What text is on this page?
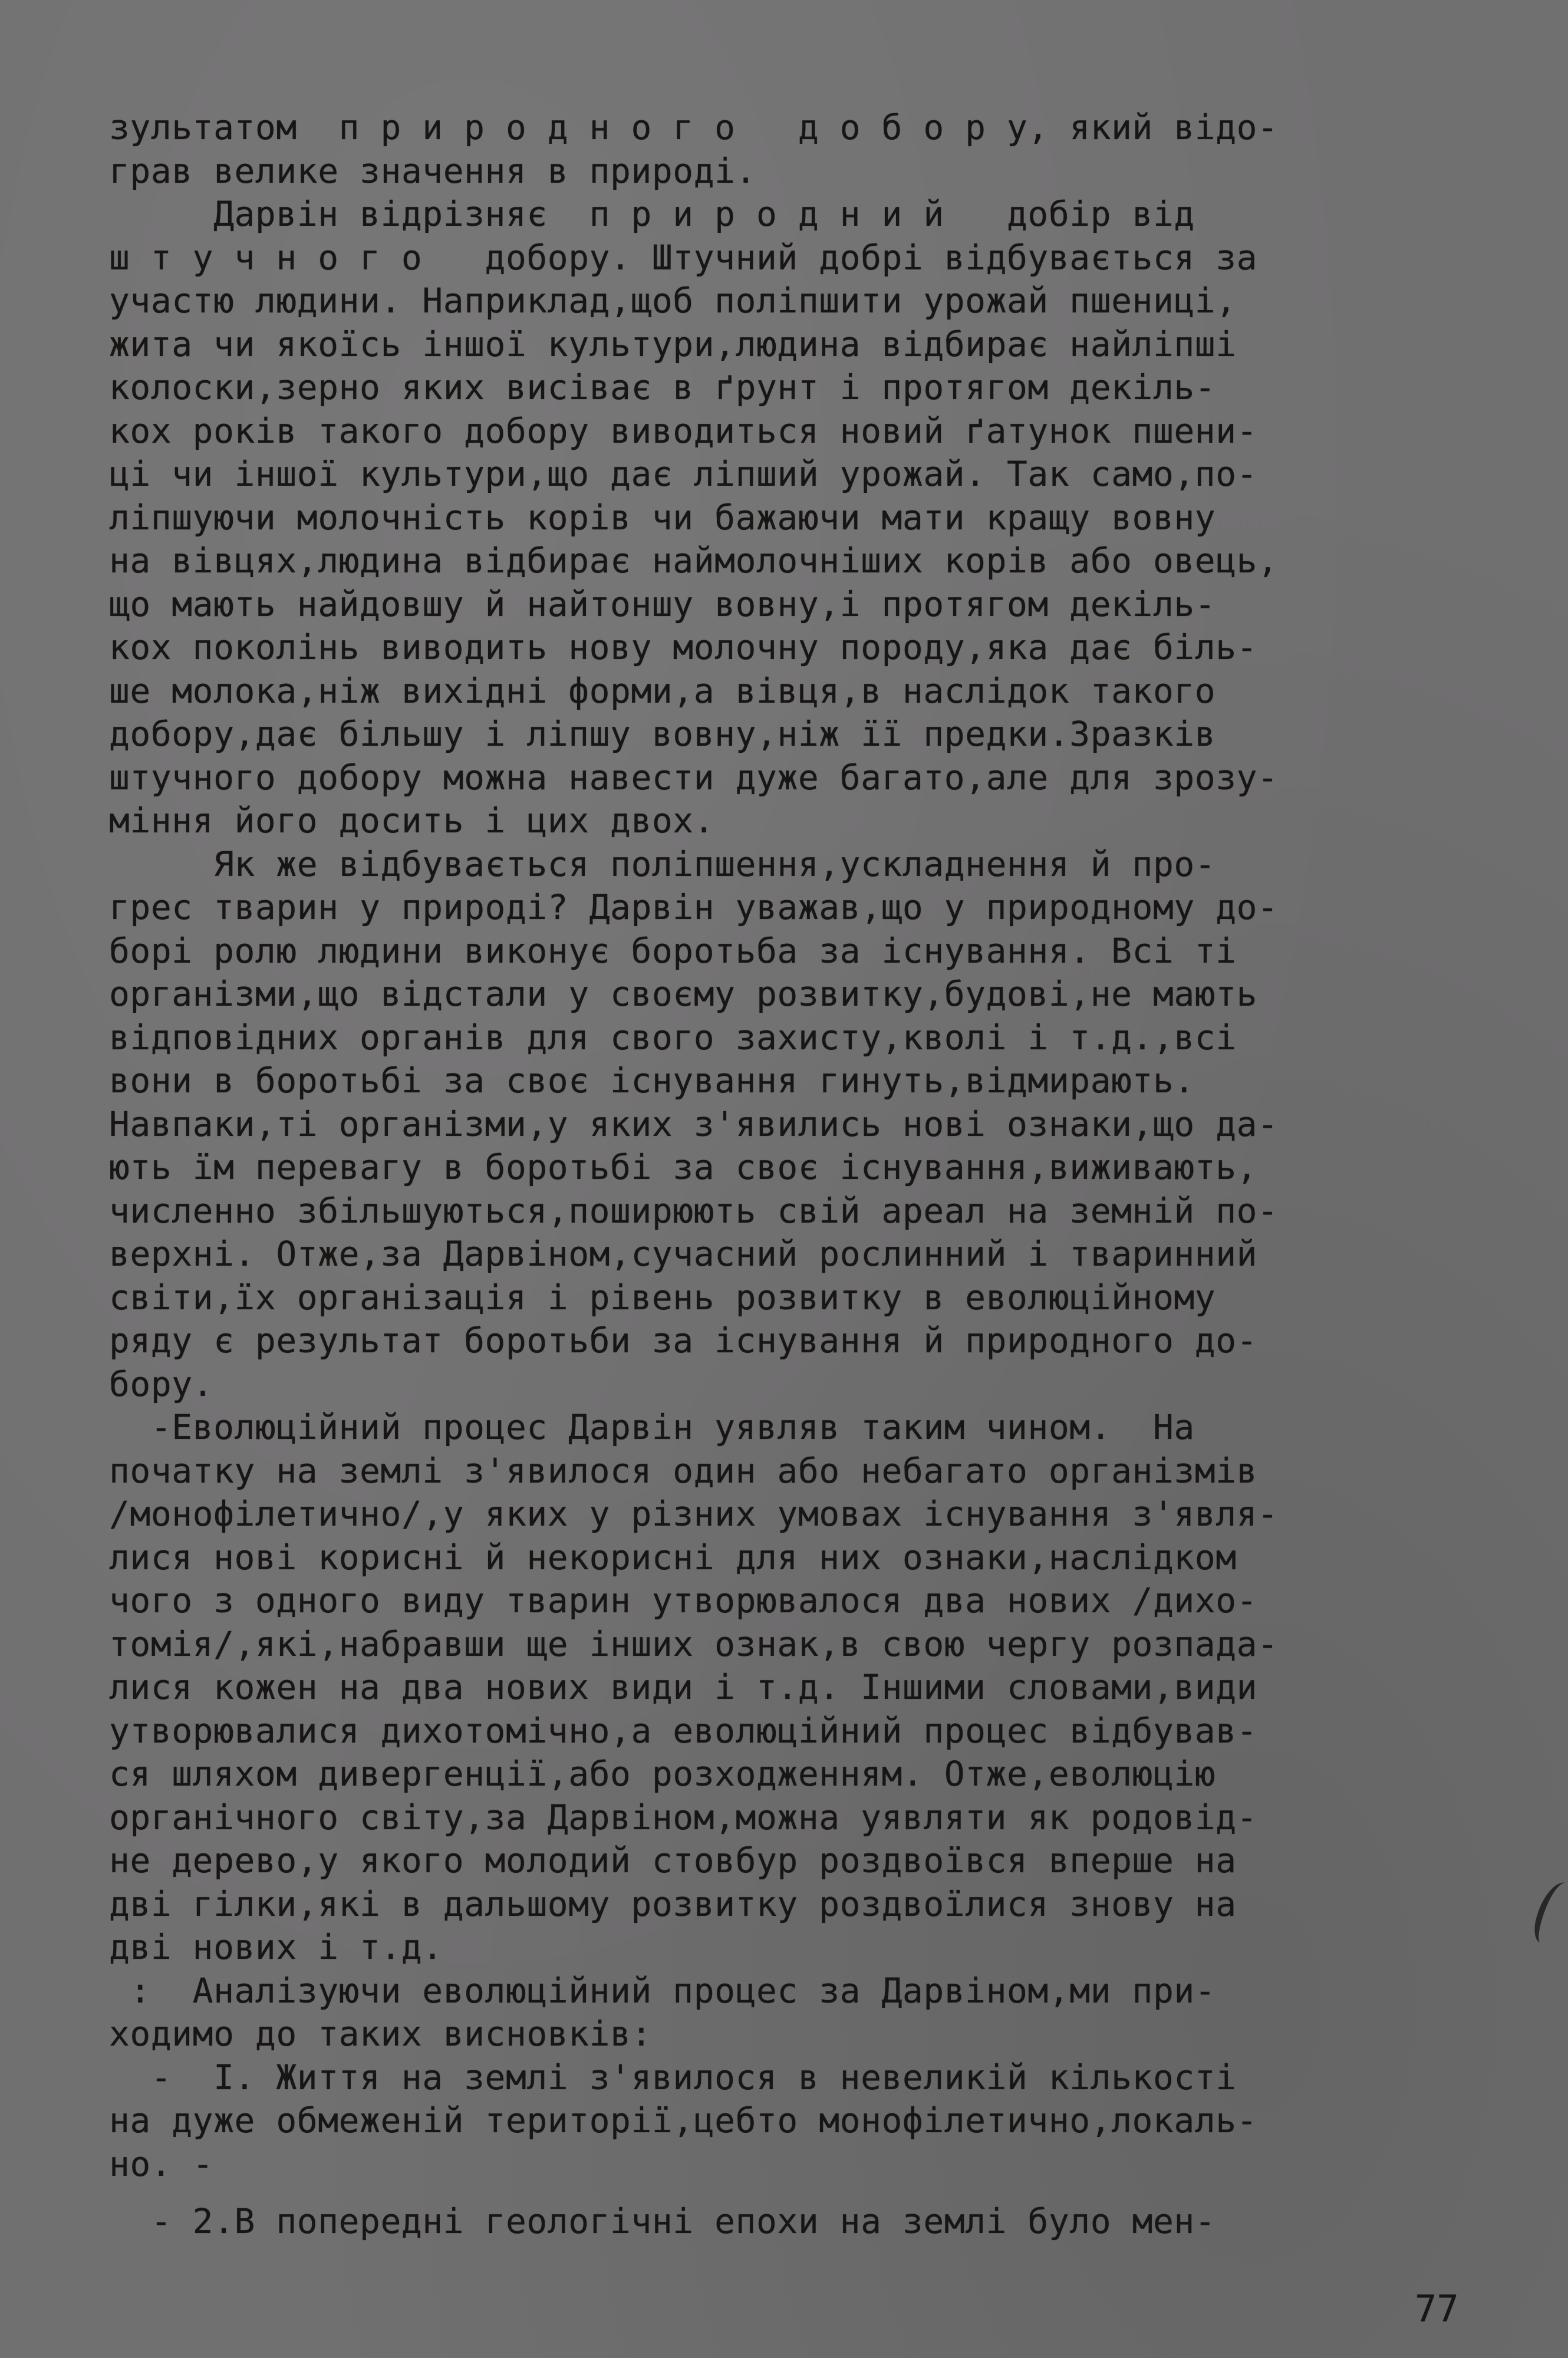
зультатом  п р и р о д н о г о   д о б о р у, який відо-
грав велике значення в природі.
Дарвін відрізняє  п р и р о д н и й   добір від
ш т у ч н о г о   добору. Штучний добрі відбувається за
участю людини. Наприклад,щоб поліпшити урожай пшениці,
жита чи якоїсь іншої культури,людина відбирає найліпші
колоски,зерно яких висіває в ґрунт і протягом декіль-
кох років такого добору виводиться новий ґатунок пшени-
ці чи іншої культури,що дає ліпший урожай. Так само,по-
ліпшуючи молочність корів чи бажаючи мати кращу вовну
на вівцях,людина відбирає наймолочніших корів або овець,
що мають найдовшу й найтоншу вовну,і протягом декіль-
кох поколінь виводить нову молочну породу,яка дає біль-
ше молока,ніж вихідні форми,а вівця,в наслідок такого
добору,дає більшу і ліпшу вовну,ніж її предки.Зразків
штучного добору можна навести дуже багато,але для зрозу-
міння його досить і цих двох.
Як же відбувається поліпшення,ускладнення й про-
грес тварин у природі? Дарвін уважав,що у природному до-
борі ролю людини виконує боротьба за існування. Всі ті
організми,що відстали у своєму розвитку,будові,не мають
відповідних органів для свого захисту,кволі і т.д.,всі
вони в боротьбі за своє існування гинуть,відмирають.
Навпаки,ті організми,у яких з'явились нові ознаки,що да-
ють їм перевагу в боротьбі за своє існування,виживають,
численно збільшуються,поширюють свій ареал на земній по-
верхні. Отже,за Дарвіном,сучасний рослинний і тваринний
світи,їх організація і рівень розвитку в еволюційному
ряду є результат боротьби за існування й природного до-
бору.
-Еволюційний процес Дарвін уявляв таким чином.  На
початку на землі з'явилося один або небагато організмів
/монофілетично/,у яких у різних умовах існування з'явля-
лися нові корисні й некорисні для них ознаки,наслідком
чого з одного виду тварин утворювалося два нових /дихо-
томія/,які,набравши ще інших ознак,в свою чергу розпада-
лися кожен на два нових види і т.д. Іншими словами,види
утворювалися дихотомічно,а еволюційний процес відбував-
ся шляхом дивергенції,або розходженням. Отже,еволюцію
органічного світу,за Дарвіном,можна уявляти як родовід-
не дерево,у якого молодий стовбур роздвоївся вперше на
дві гілки,які в дальшому розвитку роздвоїлися знову на
дві нових і т.д.
:  Аналізуючи еволюційний процес за Дарвіном,ми при-
ходимо до таких висновків:
-  І. Життя на землі з'явилося в невеликій кількості
на дуже обмеженій території,цебто монофілетично,локаль-
но. -
- 2.В попередні геологічні епохи на землі було мен-
77
